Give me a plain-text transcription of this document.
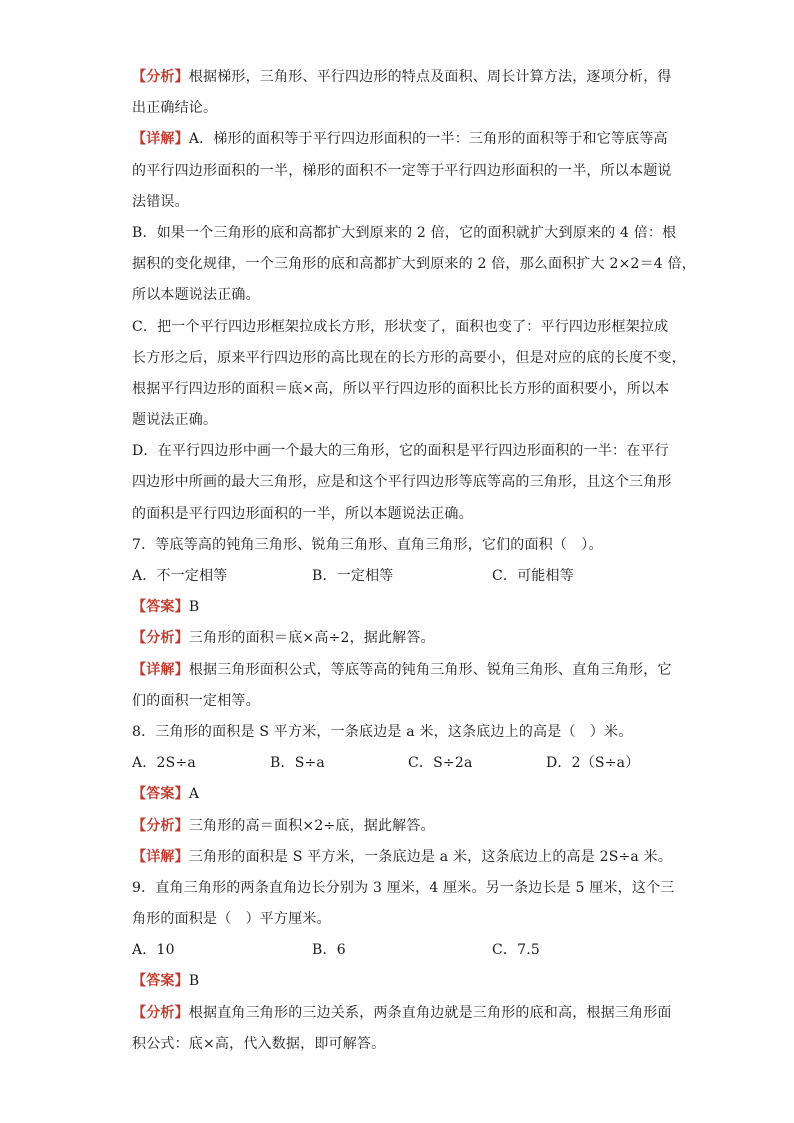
【分析】根据梯形，三角形、平行四边形的特点及面积、周长计算方法，逐项分析，得
出正确结论。
【详解】A．梯形的面积等于平行四边形面积的一半：三角形的面积等于和它等底等高
的平行四边形面积的一半，梯形的面积不一定等于平行四边形面积的一半，所以本题说
法错误。
B．如果一个三角形的底和高都扩大到原来的 2 倍，它的面积就扩大到原来的 4 倍：根
据积的变化规律，一个三角形的底和高都扩大到原来的 2 倍，那么面积扩大 2×2＝4 倍，
所以本题说法正确。
C．把一个平行四边形框架拉成长方形，形状变了，面积也变了：平行四边形框架拉成
长方形之后，原来平行四边形的高比现在的长方形的高要小，但是对应的底的长度不变，
根据平行四边形的面积＝底×高，所以平行四边形的面积比长方形的面积要小，所以本
题说法正确。
D．在平行四边形中画一个最大的三角形，它的面积是平行四边形面积的一半：在平行
四边形中所画的最大三角形，应是和这个平行四边形等底等高的三角形，且这个三角形
的面积是平行四边形面积的一半，所以本题说法正确。
7．等底等高的钝角三角形、锐角三角形、直角三角形，它们的面积（　）。
A．不一定相等	B．一定相等	C．可能相等
【答案】B
【分析】三角形的面积＝底×高÷2，据此解答。
【详解】根据三角形面积公式，等底等高的钝角三角形、锐角三角形、直角三角形，它
们的面积一定相等。
8．三角形的面积是 S 平方米，一条底边是 a 米，这条底边上的高是（　）米。
A．2S÷a	B．S÷a	C．S÷2a	D．2（S÷a）
【答案】A
【分析】三角形的高＝面积×2÷底，据此解答。
【详解】三角形的面积是 S 平方米，一条底边是 a 米，这条底边上的高是 2S÷a 米。
9．直角三角形的两条直角边长分别为 3 厘米，4 厘米。另一条边长是 5 厘米，这个三
角形的面积是（　）平方厘米。
A．10	B．6	C．7.5
【答案】B
【分析】根据直角三角形的三边关系，两条直角边就是三角形的底和高，根据三角形面
积公式：底×高，代入数据，即可解答。
